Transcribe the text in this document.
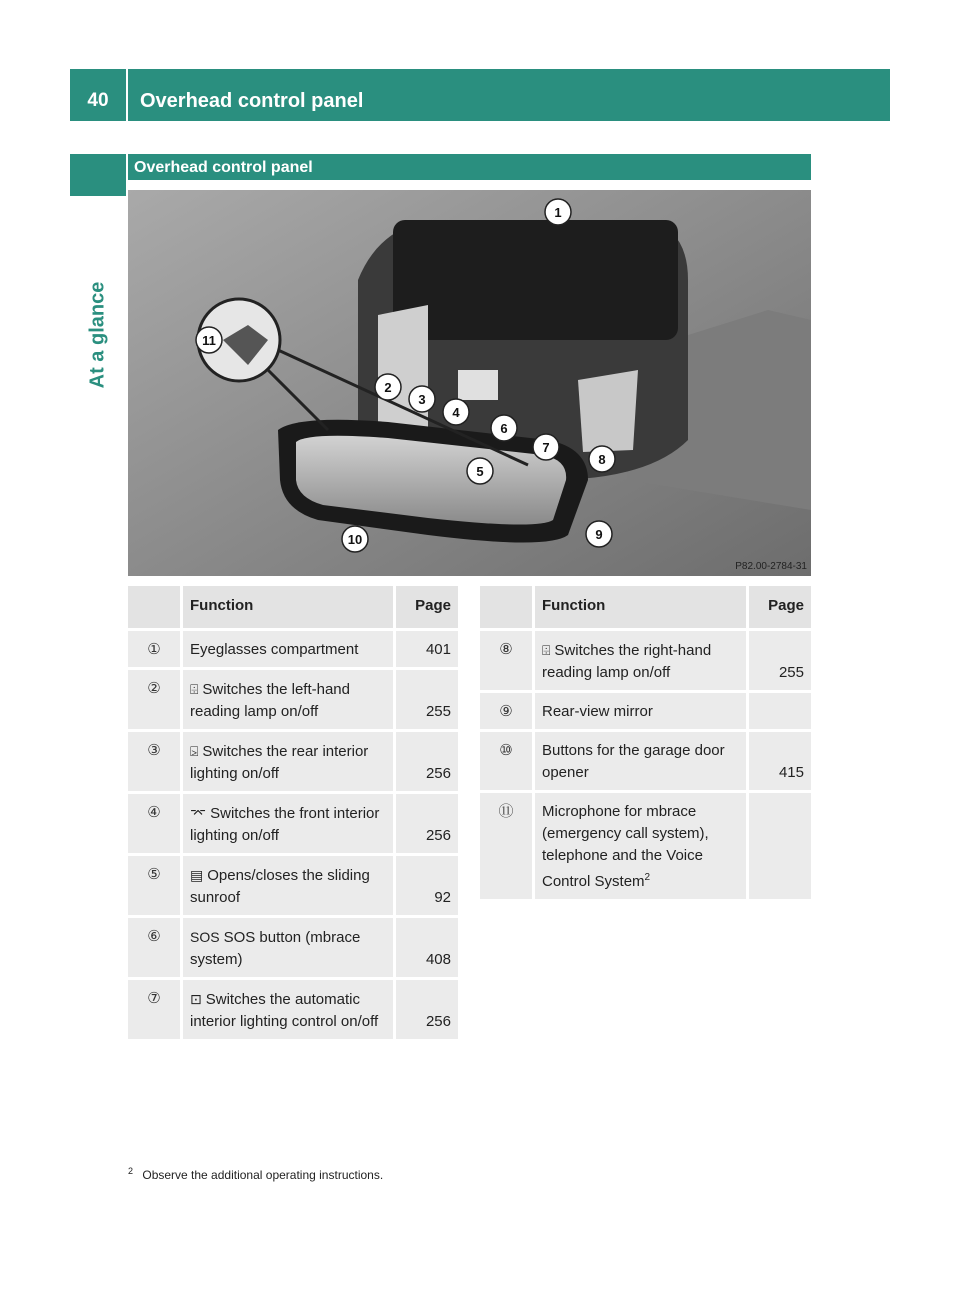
40	Overhead control panel
At a glance
Overhead control panel
1
2
3
4
6
5
7
8
9
10
11
P82.00-2784-31
	Function	Page
①	Eyeglasses compartment	401
②	⌹ Switches the left-hand reading lamp on/off	255
③	⍄ Switches the rear interior lighting on/off	256
④	⌤ Switches the front interior lighting on/off	256
⑤	▤ Opens/closes the sliding sunroof	92
⑥	SOS SOS button (mbrace system)	408
⑦	⊡ Switches the automatic interior lighting control on/off	256
	Function	Page
⑧	⌹ Switches the right-hand reading lamp on/off	255
⑨	Rear-view mirror	
⑩	Buttons for the garage door opener	415
⑪	Microphone for mbrace (emergency call system), telephone and the Voice Control System$^2$	
$^2$ Observe the additional operating instructions.
